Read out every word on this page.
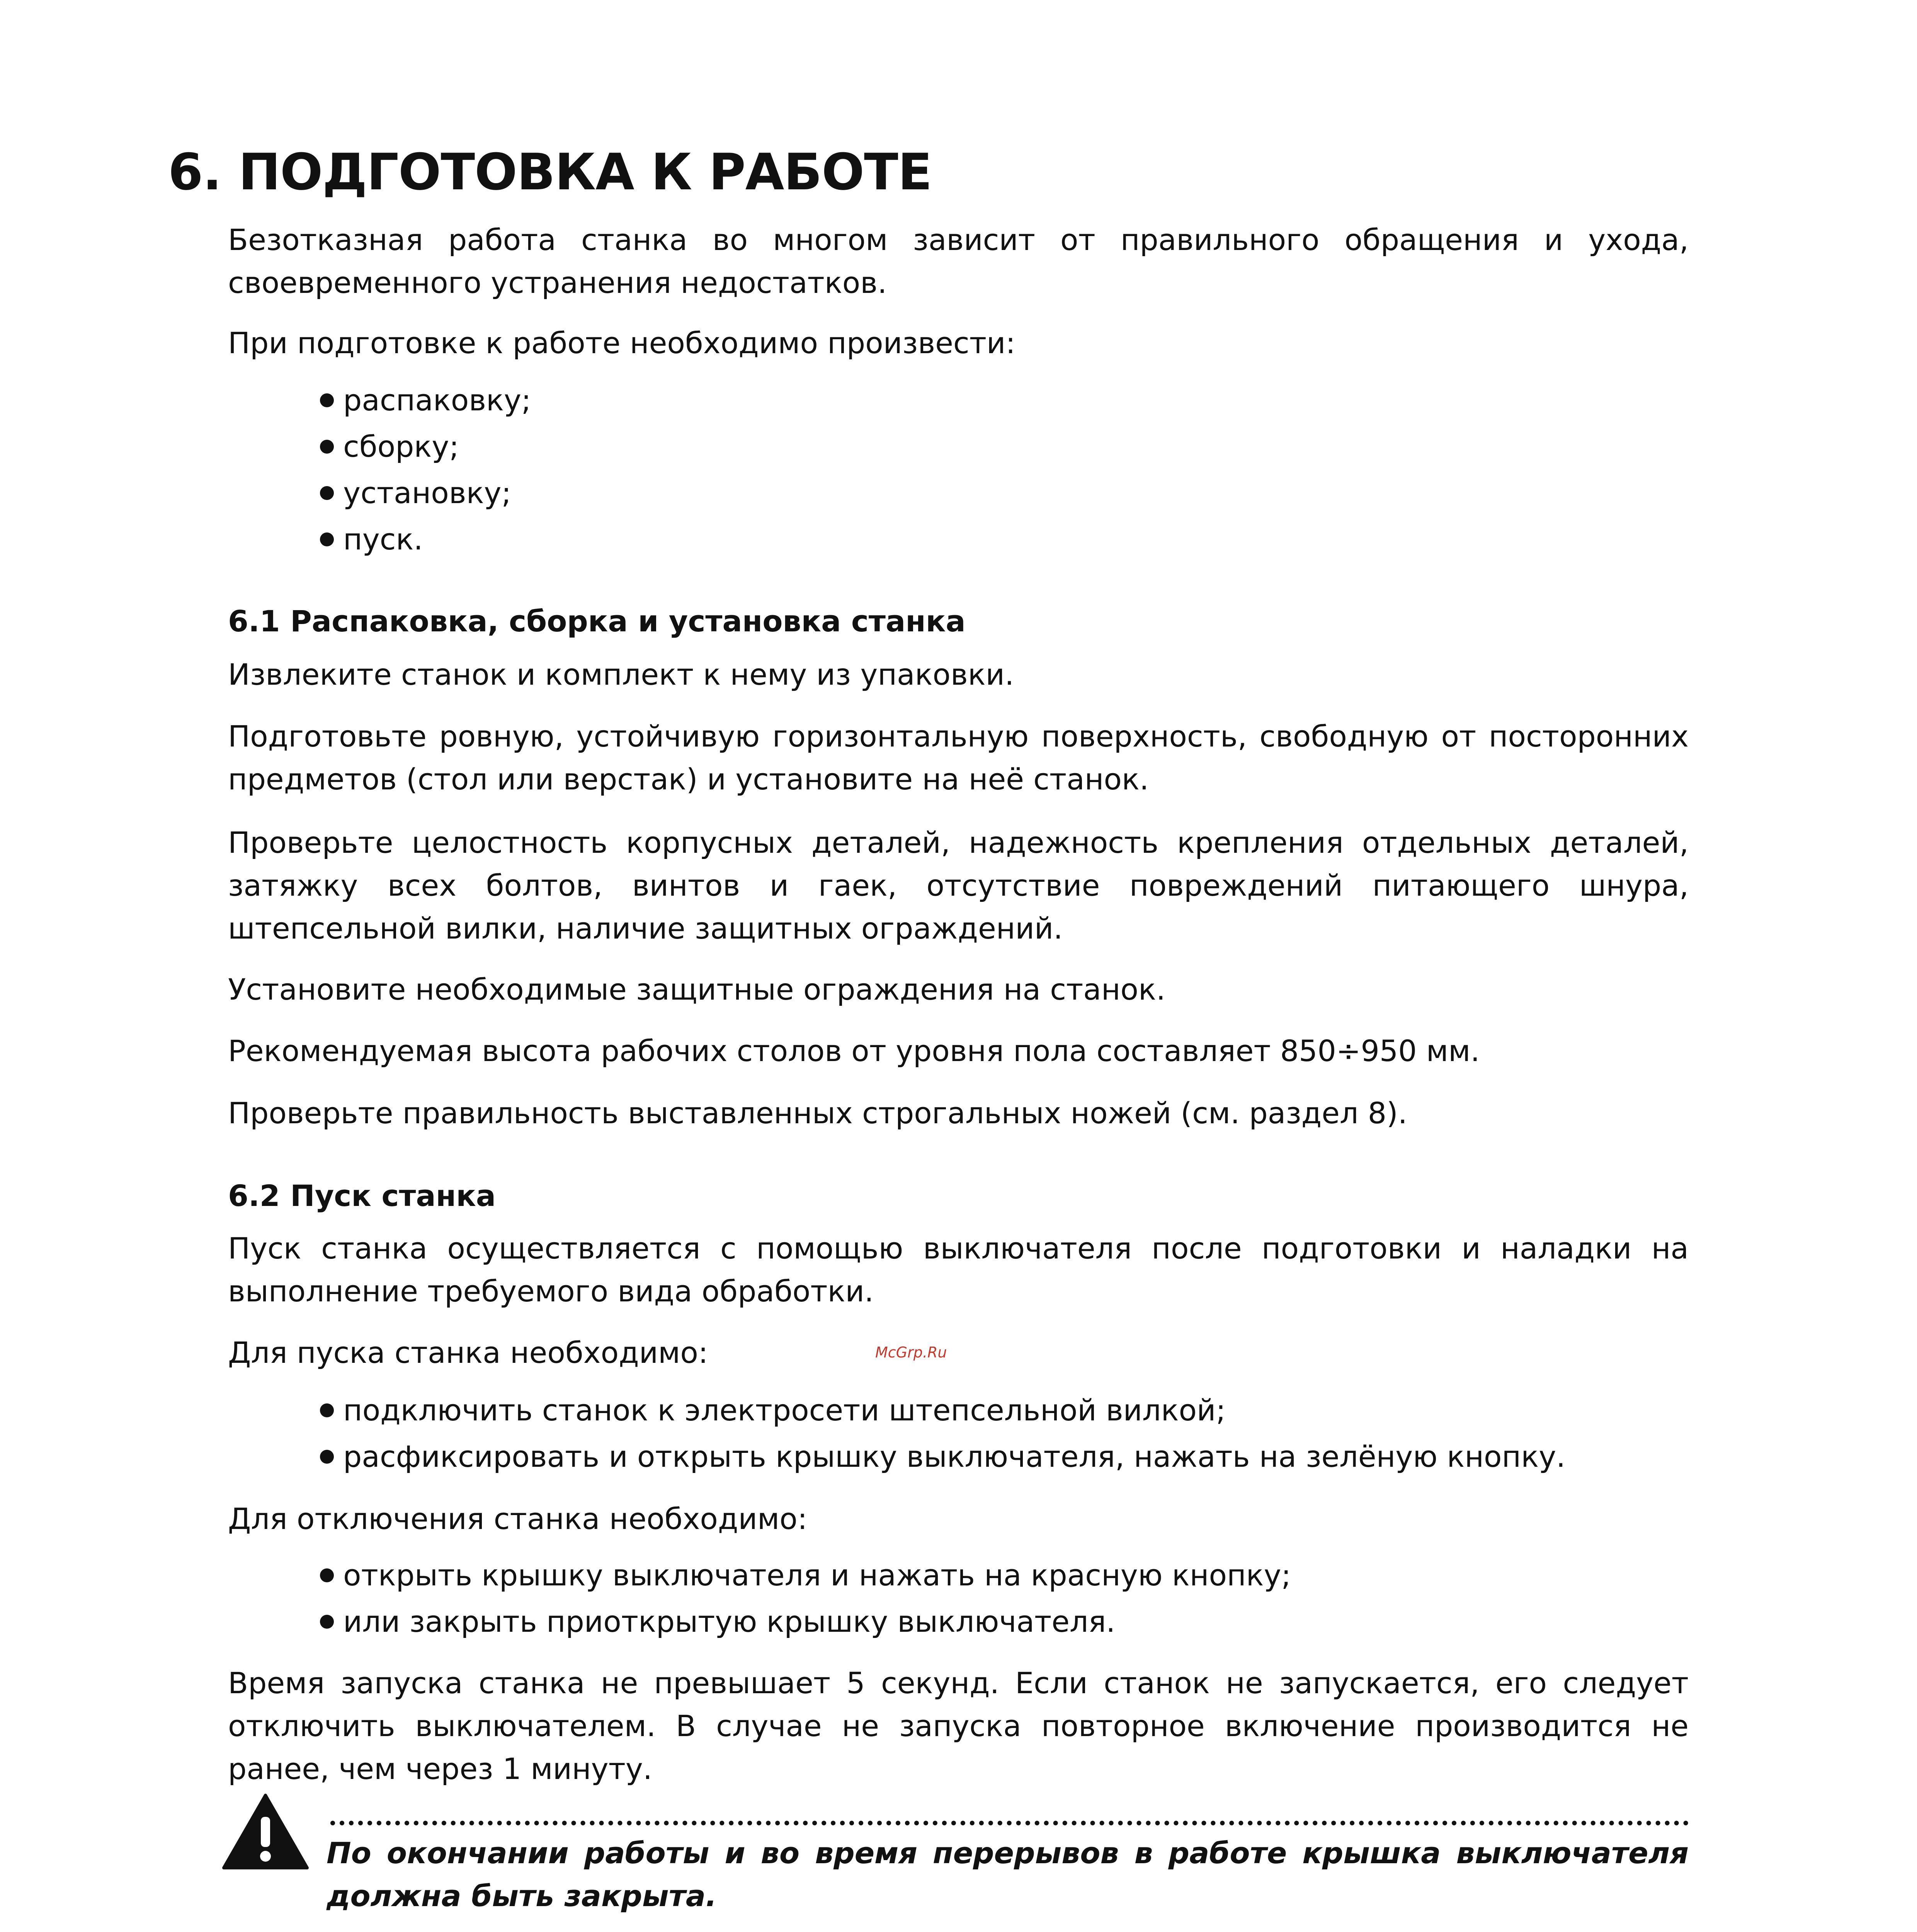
6. ПОДГОТОВКА К РАБОТЕ

Безотказная работа станка во многом зависит от правильного обращения и ухода, своевременного устранения недостатков.

При подготовке к работе необходимо произвести:

распаковку;
сборку;
установку;
пуск.
6.1 Распаковка, сборка и установка станка

Извлеките станок и комплект к нему из упаковки.

Подготовьте ровную, устойчивую горизонтальную поверхность, свободную от посторонних предметов (стол или верстак) и установите на неё станок.

Проверьте целостность корпусных деталей, надежность крепления отдельных деталей, затяжку всех болтов, винтов и гаек, отсутствие повреждений питающего шнура, штепсельной вилки, наличие защитных ограждений.

Установите необходимые защитные ограждения на станок.

Рекомендуемая высота рабочих столов от уровня пола составляет 850÷950 мм.

Проверьте правильность выставленных строгальных ножей (см. раздел 8).

6.2 Пуск станка

Пуск станка осуществляется с помощью выключателя после подготовки и наладки на выполнение требуемого вида обработки.

Для пуска станка необходимо:	McGrp.Ru
подключить станок к электросети штепсельной вилкой;
расфиксировать и открыть крышку выключателя, нажать на зелёную кнопку.

Для отключения станка необходимо:

открыть крышку выключателя и нажать на красную кнопку;
или закрыть приоткрытую крышку выключателя.

Время запуска станка не превышает 5 секунд. Если станок не запускается, его следует отключить выключателем. В случае не запуска повторное включение производится не ранее, чем через 1 минуту.

По окончании работы и во время перерывов в работе крышка выключателя должна быть закрыта.
